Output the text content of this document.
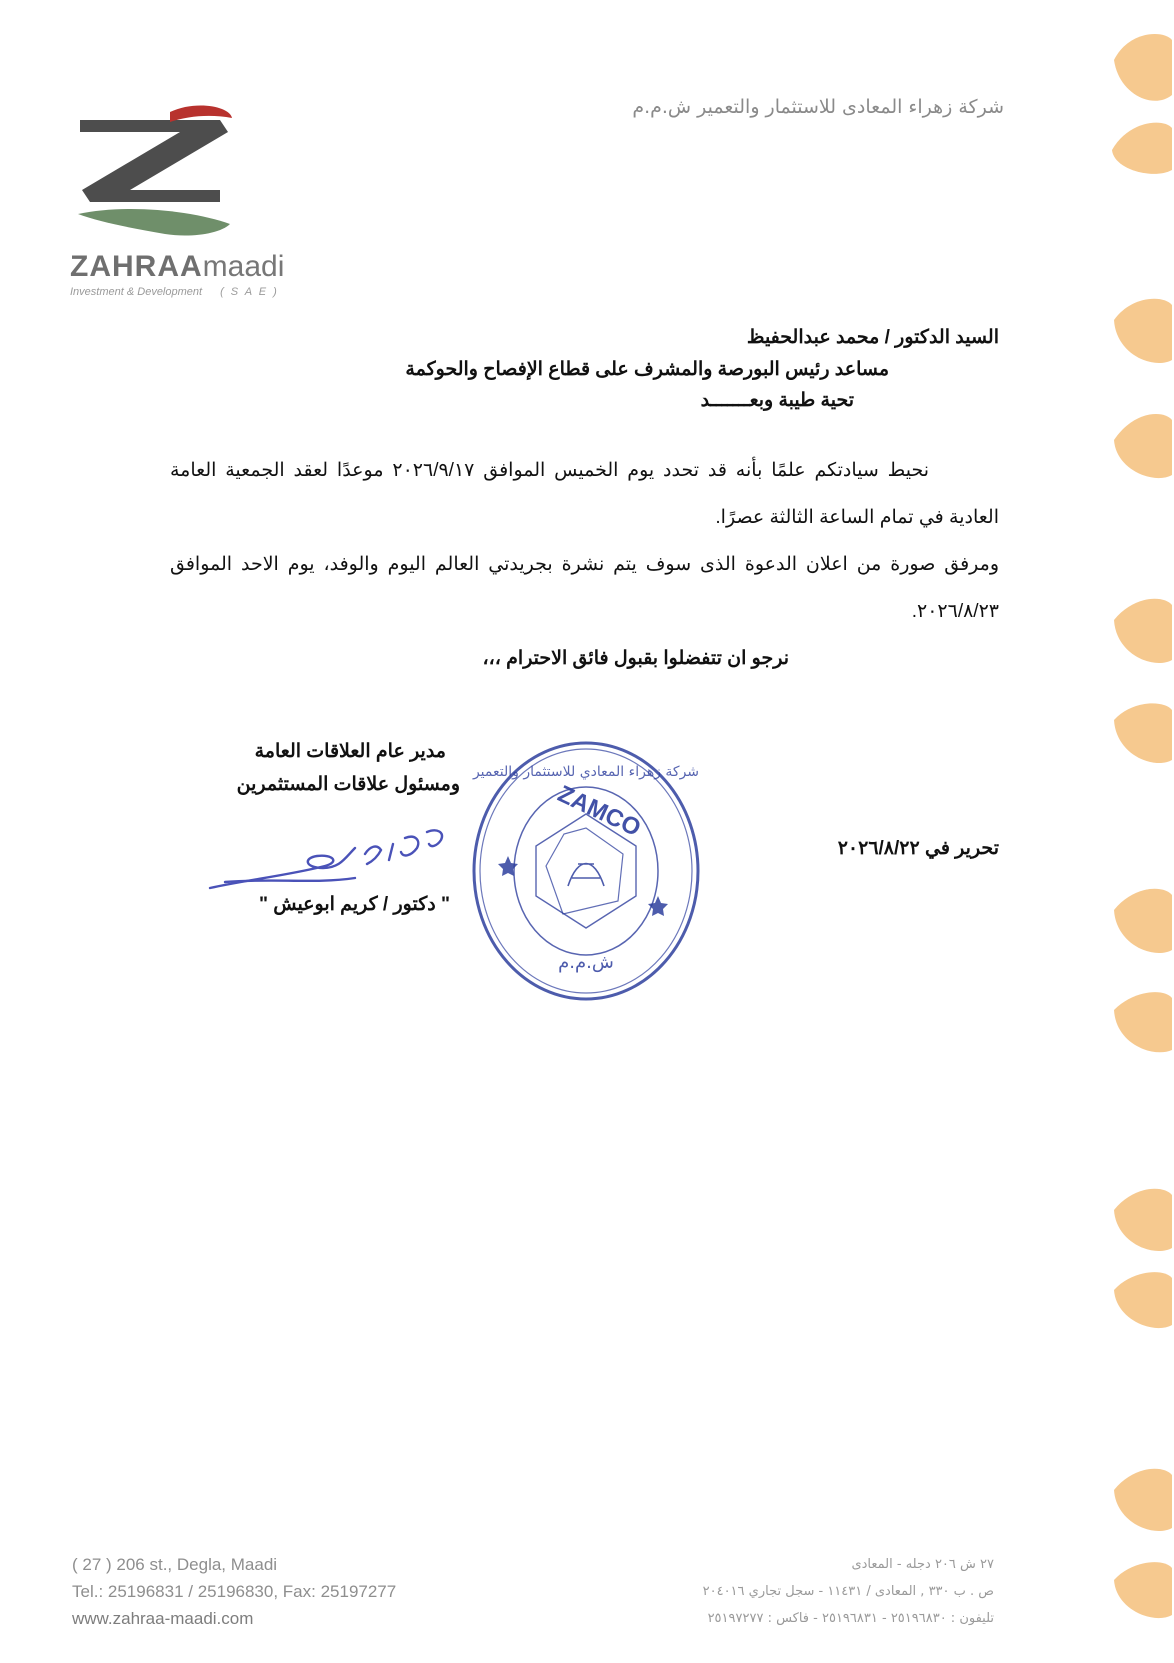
شركة زهراء المعادى للاستثمار والتعمير ش.م.م
ZAHRAAmaadi
Investment & Development ( S A E )
السيد الدكتور / محمد عبدالحفيظ
مساعد رئيس البورصة والمشرف على قطاع الإفصاح والحوكمة
تحية طيبة وبعـــــــد
نحيط سيادتكم علمًا بأنه قد تحدد يوم الخميس الموافق ٢٠٢٦/٩/١٧ موعدًا لعقد الجمعية العامة العادية في تمام الساعة الثالثة عصرًا.
ومرفق صورة من اعلان الدعوة الذى سوف يتم نشرة بجريدتي العالم اليوم والوفد، يوم الاحد الموافق ٢٠٢٦/٨/٢٣.
نرجو ان تتفضلوا بقبول فائق الاحترام ،،،
مدير عام العلاقات العامة
ومسئول علاقات المستثمرين
" دكتور / كريم ابوعيش "
ZAMCO
ش.م.م
شركة زهراء المعادي للاستثمار والتعمير
تحرير في ٢٠٢٦/٨/٢٢
( 27 ) 206 st., Degla, Maadi
Tel.: 25196831 / 25196830, Fax: 25197277
www.zahraa-maadi.com
٢٧ ش ٢٠٦ دجله - المعادى
ص . ب ٣٣٠ , المعادى / ١١٤٣١ - سجل تجاري ٢٠٤٠١٦
تليفون : ٢٥١٩٦٨٣٠ - ٢٥١٩٦٨٣١ - فاكس : ٢٥١٩٧٢٧٧
